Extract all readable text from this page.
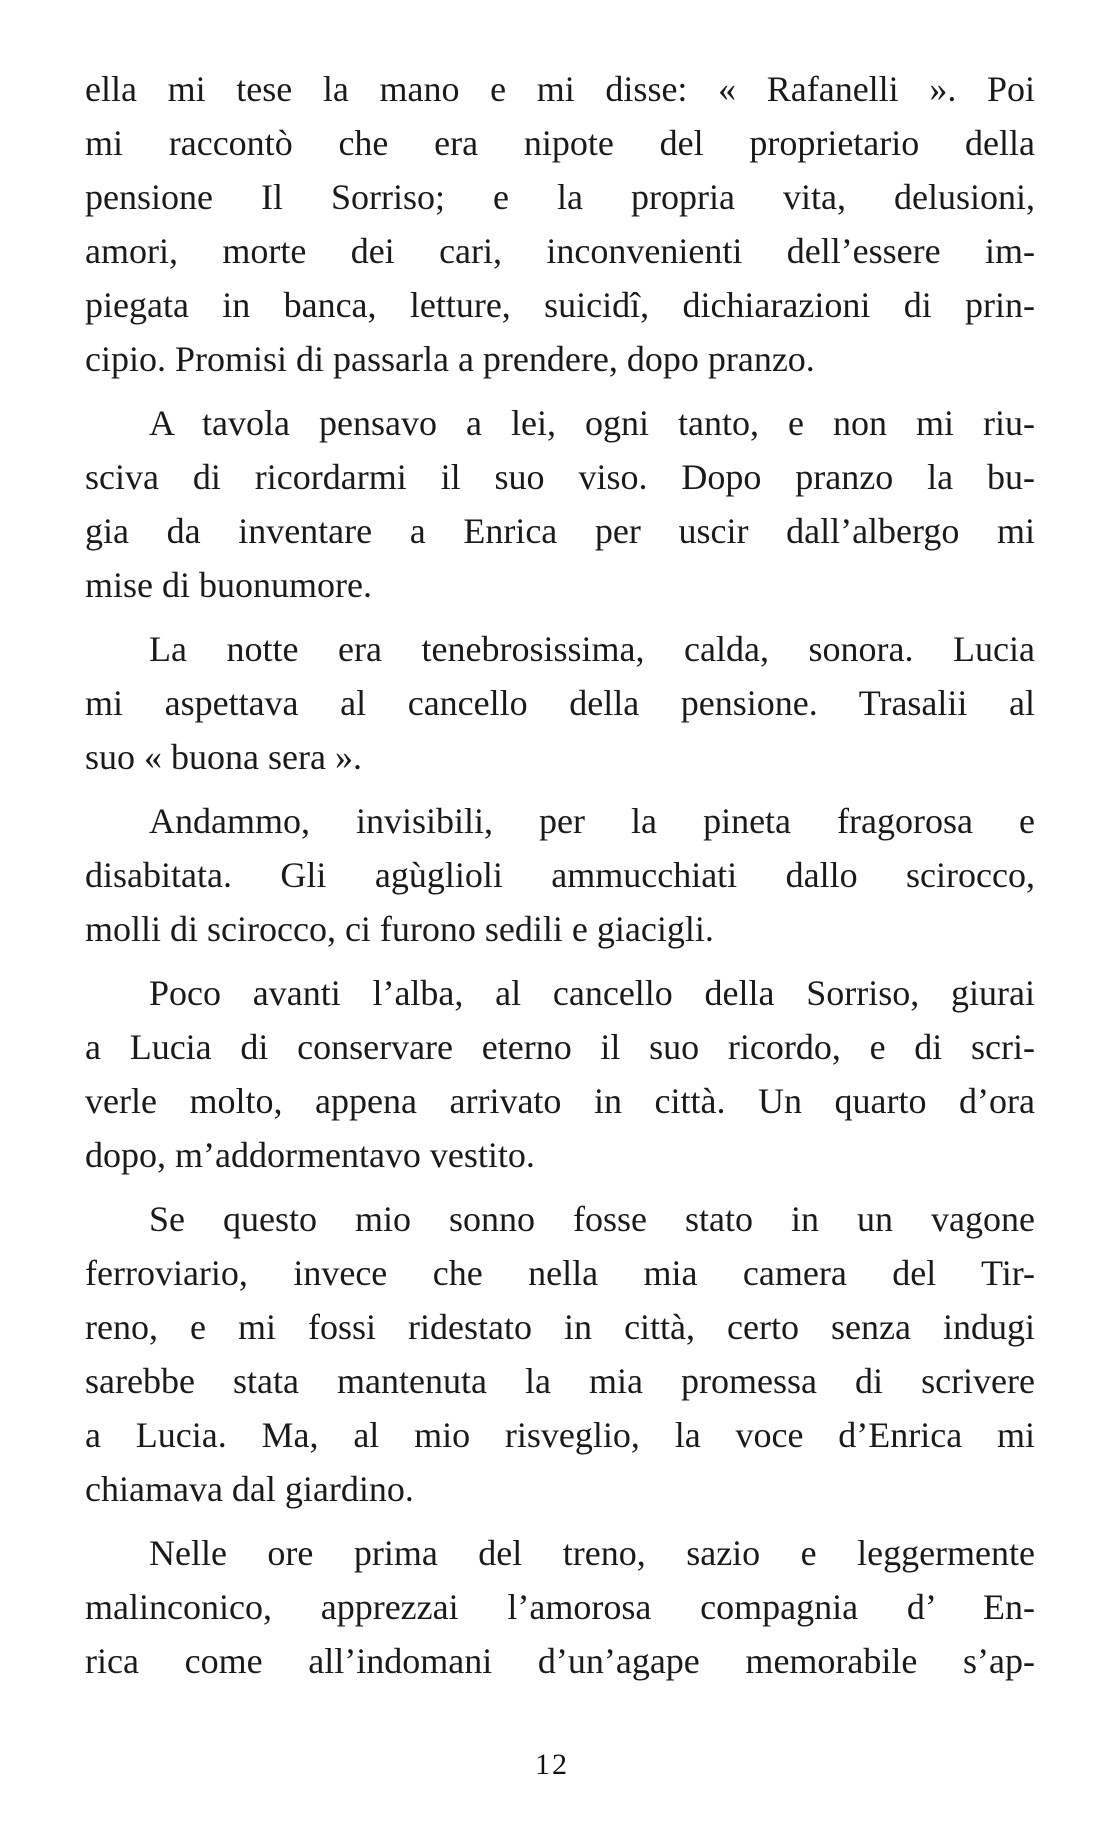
ella mi tese la mano e mi disse: « Rafanelli ». Poi
mi raccontò che era nipote del proprietario della
pensione Il Sorriso; e la propria vita, delusioni,
amori, morte dei cari, inconvenienti dell’essere im-
piegata in banca, letture, suicidî, dichiarazioni di prin-
cipio. Promisi di passarla a prendere, dopo pranzo.
A tavola pensavo a lei, ogni tanto, e non mi riu-
sciva di ricordarmi il suo viso. Dopo pranzo la bu-
gia da inventare a Enrica per uscir dall’albergo mi
mise di buonumore.
La notte era tenebrosissima, calda, sonora. Lucia
mi aspettava al cancello della pensione. Trasalii al
suo « buona sera ».
Andammo, invisibili, per la pineta fragorosa e
disabitata. Gli agùglioli ammucchiati dallo scirocco,
molli di scirocco, ci furono sedili e giacigli.
Poco avanti l’alba, al cancello della Sorriso, giurai
a Lucia di conservare eterno il suo ricordo, e di scri-
verle molto, appena arrivato in città. Un quarto d’ora
dopo, m’addormentavo vestito.
Se questo mio sonno fosse stato in un vagone
ferroviario, invece che nella mia camera del Tir-
reno, e mi fossi ridestato in città, certo senza indugi
sarebbe stata mantenuta la mia promessa di scrivere
a Lucia. Ma, al mio risveglio, la voce d’Enrica mi
chiamava dal giardino.
Nelle ore prima del treno, sazio e leggermente
malinconico, apprezzai l’amorosa compagnia d’ En-
rica come all’indomani d’un’agape memorabile s’ap-
12
